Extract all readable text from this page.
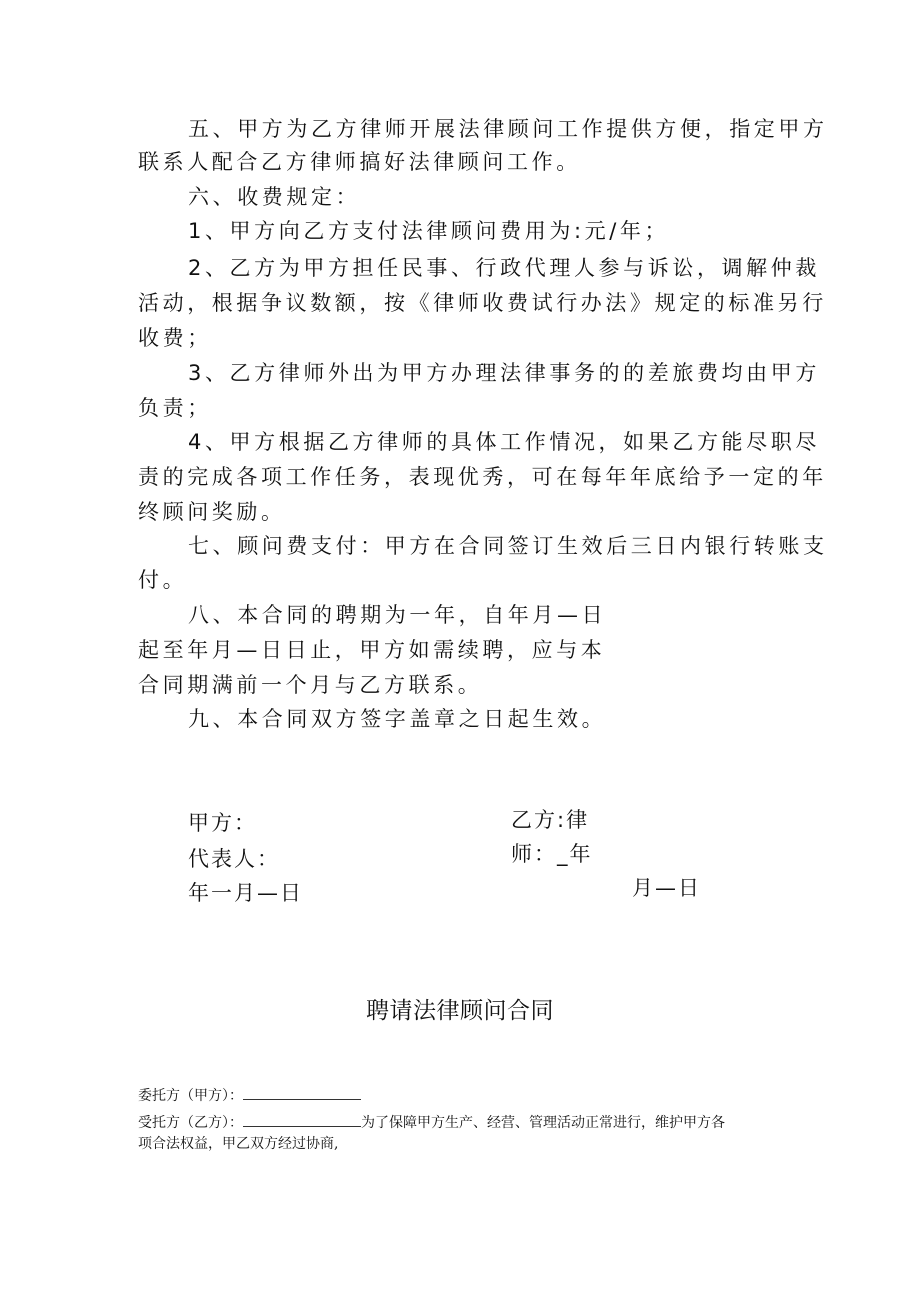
五、甲方为乙方律师开展法律顾问工作提供方便，指定甲方
联系人配合乙方律师搞好法律顾问工作。
六、收费规定：
1、甲方向乙方支付法律顾问费用为:元/年；
2、乙方为甲方担任民事、行政代理人参与诉讼，调解仲裁
活动，根据争议数额，按《律师收费试行办法》规定的标准另行
收费；
3、乙方律师外出为甲方办理法律事务的的差旅费均由甲方
负责；
4、甲方根据乙方律师的具体工作情况，如果乙方能尽职尽
责的完成各项工作任务，表现优秀，可在每年年底给予一定的年
终顾问奖励。
七、顾问费支付：甲方在合同签订生效后三日内银行转账支
付。
八、本合同的聘期为一年，自年月—日
起至年月—日日止，甲方如需续聘，应与本
合同期满前一个月与乙方联系。
九、本合同双方签字盖章之日起生效。
甲方：
代表人：
年一月—日
乙方:律
师：_年
月—日
聘请法律顾问合同
委托方（甲方）：
受托方（乙方）：	为了保障甲方生产、经营、管理活动正常进行，维护甲方各
项合法权益，甲乙双方经过协商,
